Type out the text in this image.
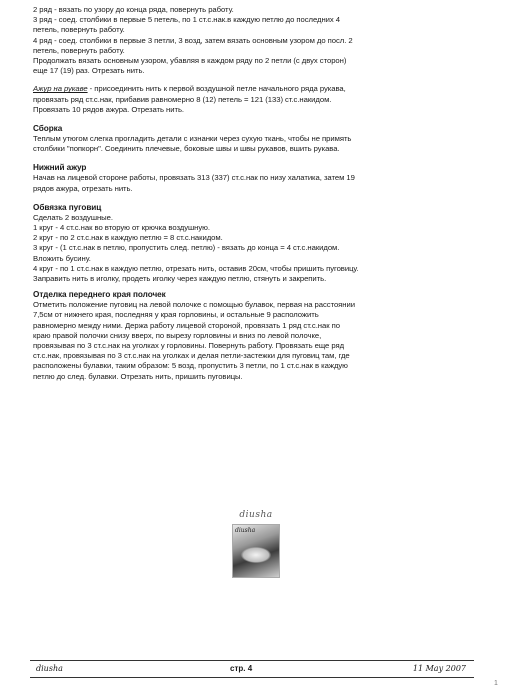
2 ряд - вязать по узору до конца ряда, повернуть работу.

3 ряд - соед. столбики в первые 5 петель, по 1 ст.с.нак.в каждую петлю до последних 4

петель, повернуть работу.

4 ряд - соед. столбики в первые 3 петли, 3 возд, затем вязать основным узором до посл. 2

петель, повернуть работу.

Продолжать вязать основным узором, убавляя в каждом ряду по 2 петли (с двух сторон)

еще 17 (19) раз. Отрезать нить.

Ажур на рукаве - присоединить нить к первой воздушной петле начального ряда рукава,

провязать ряд ст.с.нак, прибавив равномерно 8 (12) петель = 121 (133) ст.с.накидом.

Провязать 10 рядов ажура. Отрезать нить.

Сборка

Теплым утюгом слегка прогладить детали с изнанки через сухую ткань, чтобы не примять

столбики "попкорн". Соединить плечевые, боковые швы и швы рукавов, вшить рукава.

Нижний ажур

Начав на лицевой стороне работы, провязать 313 (337) ст.с.нак по низу халатика, затем 19

рядов ажура, отрезать нить.

Обвязка пуговиц

Сделать 2 воздушные.

1 круг - 4 ст.с.нак во вторую от крючка воздушную.

2 круг - по 2 ст.с.нак в каждую петлю = 8 ст.с.накидом.

3 круг - (1 ст.с.нак в петлю, пропустить след. петлю) - вязать до конца = 4 ст.с.накидом.

Вложить бусину.

4 круг - по 1 ст.с.нак в каждую петлю, отрезать нить, оставив 20см, чтобы пришить пуговицу.

Заправить нить в иголку, продеть иголку через каждую петлю, стянуть и закрепить.

Отделка переднего края полочек

Отметить положение пуговиц на левой полочке с помощью булавок, первая на расстоянии

7,5см от нижнего края, последняя у края горловины, и остальные 9 расположить

равномерно между ними. Держа работу лицевой стороной, провязать 1 ряд ст.с.нак по

краю правой полочки снизу вверх, по вырезу горловины и вниз по левой полочке,

провязывая по 3 ст.с.нак на уголках у горловины. Повернуть работу. Провязать еще ряд

ст.с.нак, провязывая по 3 ст.с.нак на уголках и делая петли-застежки для пуговиц там, где

расположены булавки, таким образом: 5 возд, пропустить 3 петли, по 1 ст.с.нак в каждую

петлю до след. булавки. Отрезать нить, пришить пуговицы.

diusha
diusha
diusha	стр. 4	11 May 2007
1
